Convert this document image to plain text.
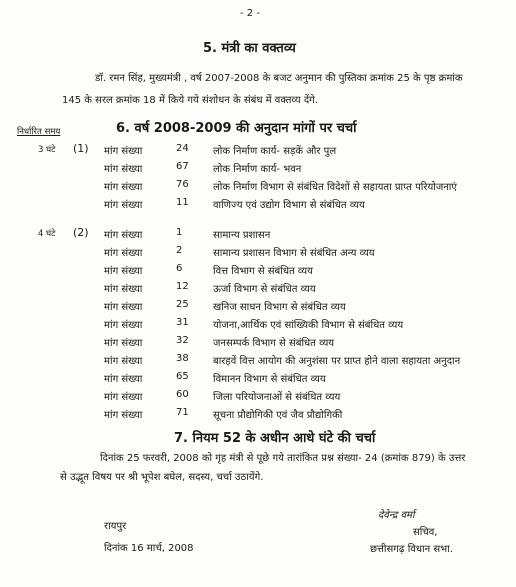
- 2 -
5. मंत्री का वक्तव्य
डॉ. रमन सिंह, मुख्यमंत्री , वर्ष 2007-2008 के बजट अनुमान की पुस्तिका क्रमांक 25 के पृष्ठ क्रमांक
145 के सरल क्रमांक 18 में किये गये संशोधन के संबंध में वक्तव्य देंगे.
निर्धारित समय	6. वर्ष 2008-2009 की अनुदान मांगों पर चर्चा
3 घंटे (1) मांग संख्या	24 लोक निर्माण कार्य- सड़कें और पुल
मांग संख्या	67 लोक निर्माण कार्य- भवन
मांग संख्या	76 लोक निर्माण विभाग से संबंधित विदेशों से सहायता प्राप्त परियोजनाएं
मांग संख्या	11 वाणिज्य एवं उद्योग विभाग से संबंधित व्यय
4 घंटे (2) मांग संख्या	1	सामान्य प्रशासन
मांग संख्या	2	सामान्य प्रशासन विभाग से संबंधित अन्य व्यय
मांग संख्या	6	वित्त विभाग से संबंधित व्यय
मांग संख्या	12 ऊर्जा विभाग से संबंधित व्यय
मांग संख्या	25 खनिज साधन विभाग से संबंधित व्यय
मांग संख्या	31 योजना,आर्थिक एवं सांख्यिकी विभाग से संबंधित व्यय
मांग संख्या	32 जनसम्पर्क विभाग से संबंधित व्यय
मांग संख्या	38 बारहवें वित्त आयोग की अनुशंसा पर प्राप्त होने वाला सहायता अनुदान
मांग संख्या	65 विमानन विभाग से संबंधित व्यय
मांग संख्या	60 जिला परियोजनाओं से संबंधित व्यय
मांग संख्या	71 सूचना प्रौद्योगिकी एवं जैव प्रौद्योगिकी
7. नियम 52 के अधीन आधे घंटे की चर्चा
दिनांक 25 फरवरी, 2008 को गृह मंत्री से पूछे गये तारांकित प्रश्न संख्या- 24 (क्रमांक 879) के उत्तर
से उद्भूत विषय पर श्री भूपेश बघेल, सदस्य, चर्चा उठायेंगे.
रायपुर
दिनांक 16 मार्च, 2008
देवेन्द्र वर्मा
सचिव,
छत्तीसगढ़ विधान सभा.
